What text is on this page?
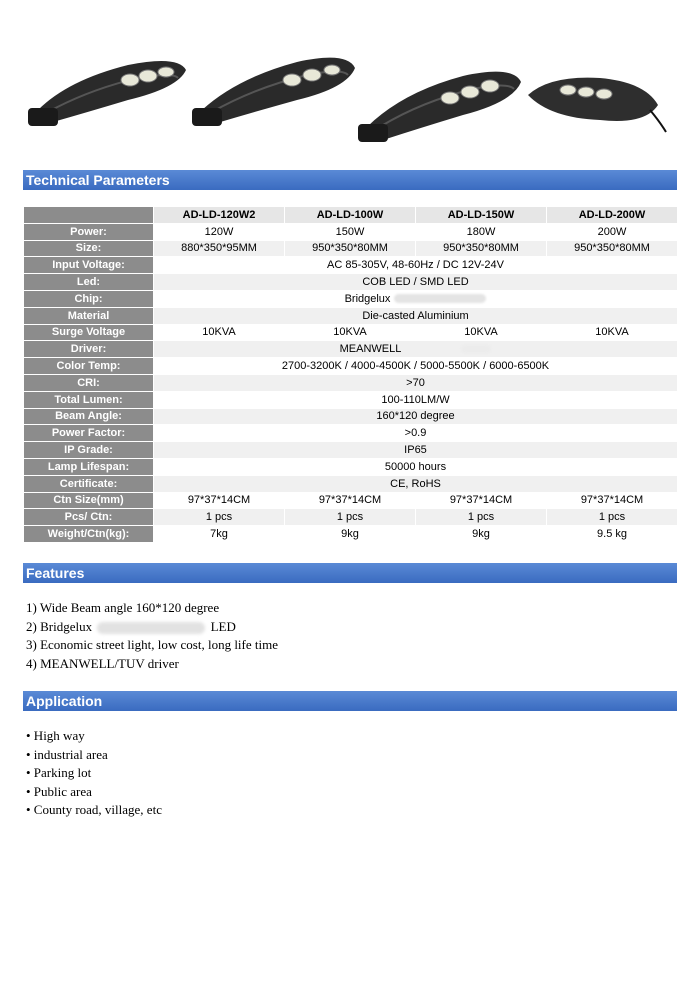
Technical Parameters
	AD-LD-120W2	AD-LD-100W	AD-LD-150W	AD-LD-200W
Power:	120W	150W	180W	200W
Size:	880*350*95MM	950*350*80MM	950*350*80MM	950*350*80MM
Input Voltage:	AC 85-305V, 48-60Hz / DC 12V-24V			
Led:	COB LED / SMD LED			
Chip:	Bridgelux			
Material	Die-casted Aluminium			
Surge Voltage	10KVA	10KVA	10KVA	10KVA
Driver:	MEANWELL			
Color Temp:	2700-3200K / 4000-4500K / 5000-5500K / 6000-6500K			
CRI:	>70			
Total Lumen:	100-110LM/W			
Beam Angle:	160*120 degree			
Power Factor:	>0.9			
IP Grade:	IP65			
Lamp Lifespan:	50000 hours			
Certificate:	CE, RoHS			
Ctn Size(mm)	97*37*14CM	97*37*14CM	97*37*14CM	97*37*14CM
Pcs/ Ctn:	1 pcs	1 pcs	1 pcs	1 pcs
Weight/Ctn(kg):	7kg	9kg	9kg	9.5 kg
Features
1) Wide Beam angle 160*120 degree
2) Bridgelux	LED
3) Economic street light, low cost, long life time
4) MEANWELL/TUV driver
Application
• High way
• industrial area
• Parking lot
• Public area
• County road, village, etc
